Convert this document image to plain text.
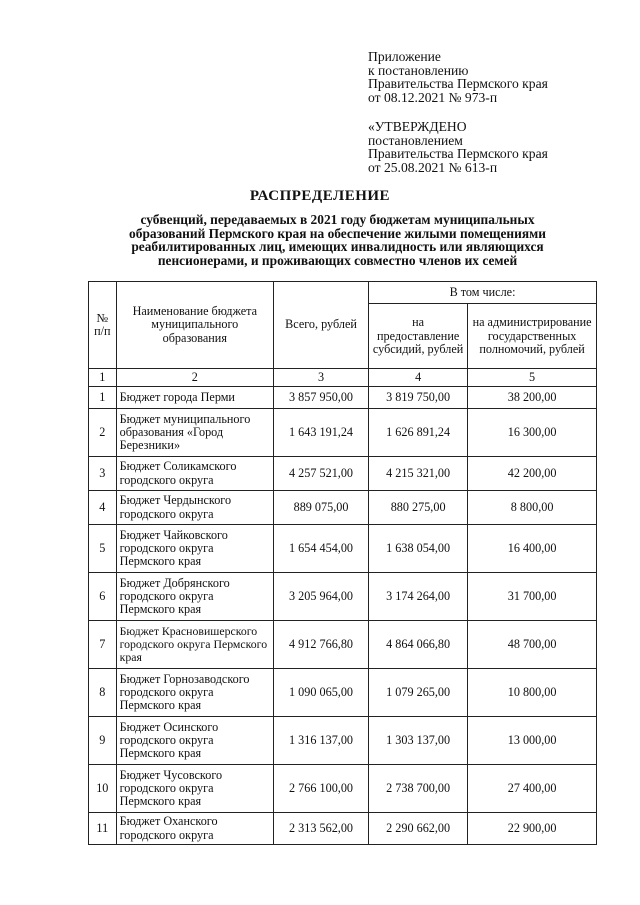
Приложение
к постановлению
Правительства Пермского края
от 08.12.2021 № 973-п
«УТВЕРЖДЕНО
постановлением
Правительства Пермского края
от 25.08.2021 № 613-п
РАСПРЕДЕЛЕНИЕ
субвенций, передаваемых в 2021 году бюджетам муниципальных
образований Пермского края на обеспечение жилыми помещениями
реабилитированных лиц, имеющих инвалидность или являющихся
пенсионерами, и проживающих совместно членов их семей
№ п/п	Наименование бюджета муниципального образования	Всего, рублей	В том числе:	
			на предоставление субсидий, рублей	на администрирование государственных полномочий, рублей
1	2	3	4	5
1	Бюджет города Перми	3 857 950,00	3 819 750,00	38 200,00
2	Бюджет муниципального образования «Город Березники»	1 643 191,24	1 626 891,24	16 300,00
3	Бюджет Соликамского городского округа	4 257 521,00	4 215 321,00	42 200,00
4	Бюджет Чердынского городского округа	889 075,00	880 275,00	8 800,00
5	Бюджет Чайковского городского округа Пермского края	1 654 454,00	1 638 054,00	16 400,00
6	Бюджет Добрянского городского округа Пермского края	3 205 964,00	3 174 264,00	31 700,00
7	Бюджет Красновишерского городского округа Пермского края	4 912 766,80	4 864 066,80	48 700,00
8	Бюджет Горнозаводского городского округа Пермского края	1 090 065,00	1 079 265,00	10 800,00
9	Бюджет Осинского городского округа Пермского края	1 316 137,00	1 303 137,00	13 000,00
10	Бюджет Чусовского городского округа Пермского края	2 766 100,00	2 738 700,00	27 400,00
11	Бюджет Оханского городского округа	2 313 562,00	2 290 662,00	22 900,00
